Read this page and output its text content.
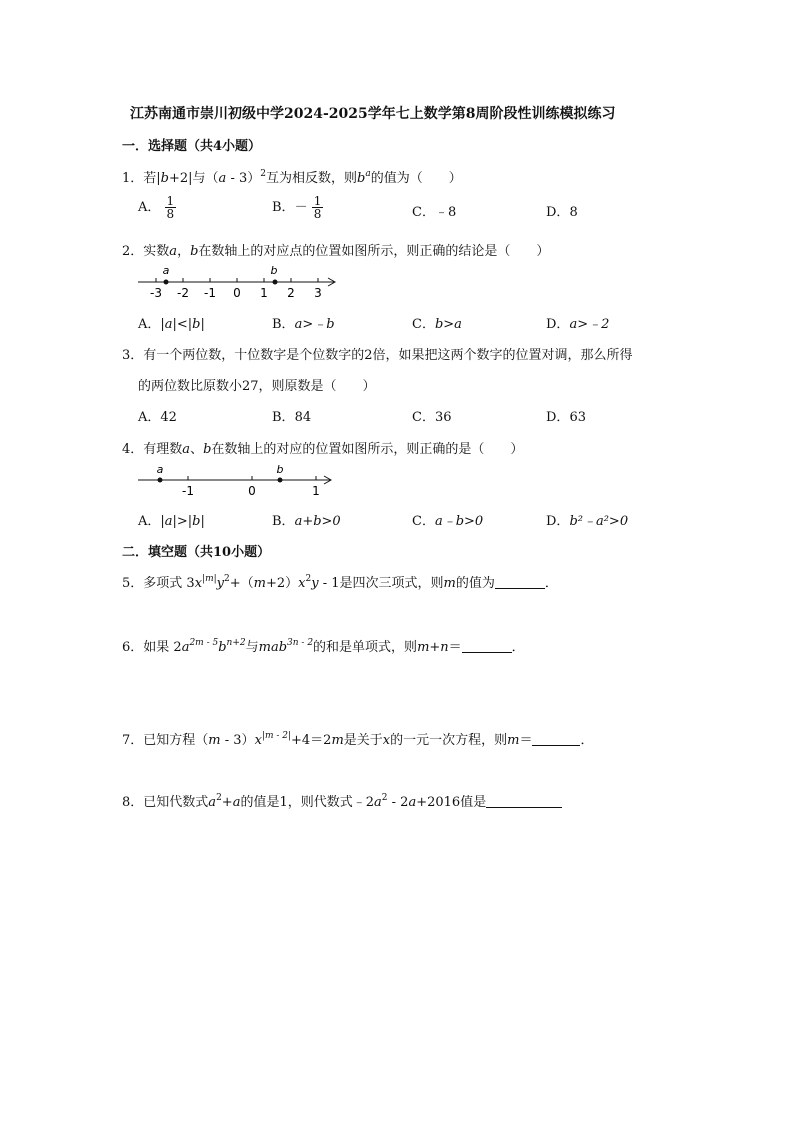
江苏南通市崇川初级中学2024-2025学年七上数学第8周阶段性训练模拟练习
一．选择题（共4小题）
1．若|b+2|与（a - 3）$^2$互为相反数，则$b^a$的值为（　　）
A． $\frac{1}{8}$	B．－ $\frac{1}{8}$	C．﹣8	D．8
2．实数a，b在数轴上的对应点的位置如图所示，则正确的结论是（　　）
-3 -2 -1 0 1 2 3
a	b
A．|a|<|b|	B．a>﹣b	C．b>a	D．a>﹣2
3．有一个两位数，十位数字是个位数字的2倍，如果把这两个数字的位置对调，那么所得
的两位数比原数小27，则原数是（　　）
A．42	B．84	C．36	D．63
4．有理数a、b在数轴上的对应的位置如图所示，则正确的是（　　）
-1	0	1
a	b
A．|a|>|b|	B．a+b>0	C．a﹣b>0	D．b²﹣a²>0
二．填空题（共10小题）
5．多项式 $3x^{|m|}y^2+(m+2)x^2y - 1$是四次三项式，则m的值为	．
6．如果 $2a^{2m - 5}b^{n+2}$与mab$^{3n - 2}$的和是单项式，则m+n＝	．
7．已知方程$(m - 3)x^{|m - 2|}+4=2m$是关于x的一元一次方程，则m＝	．
8．已知代数式$a^2+a$的值是1，则代数式$﹣2a^2 - 2a+2016$值是
